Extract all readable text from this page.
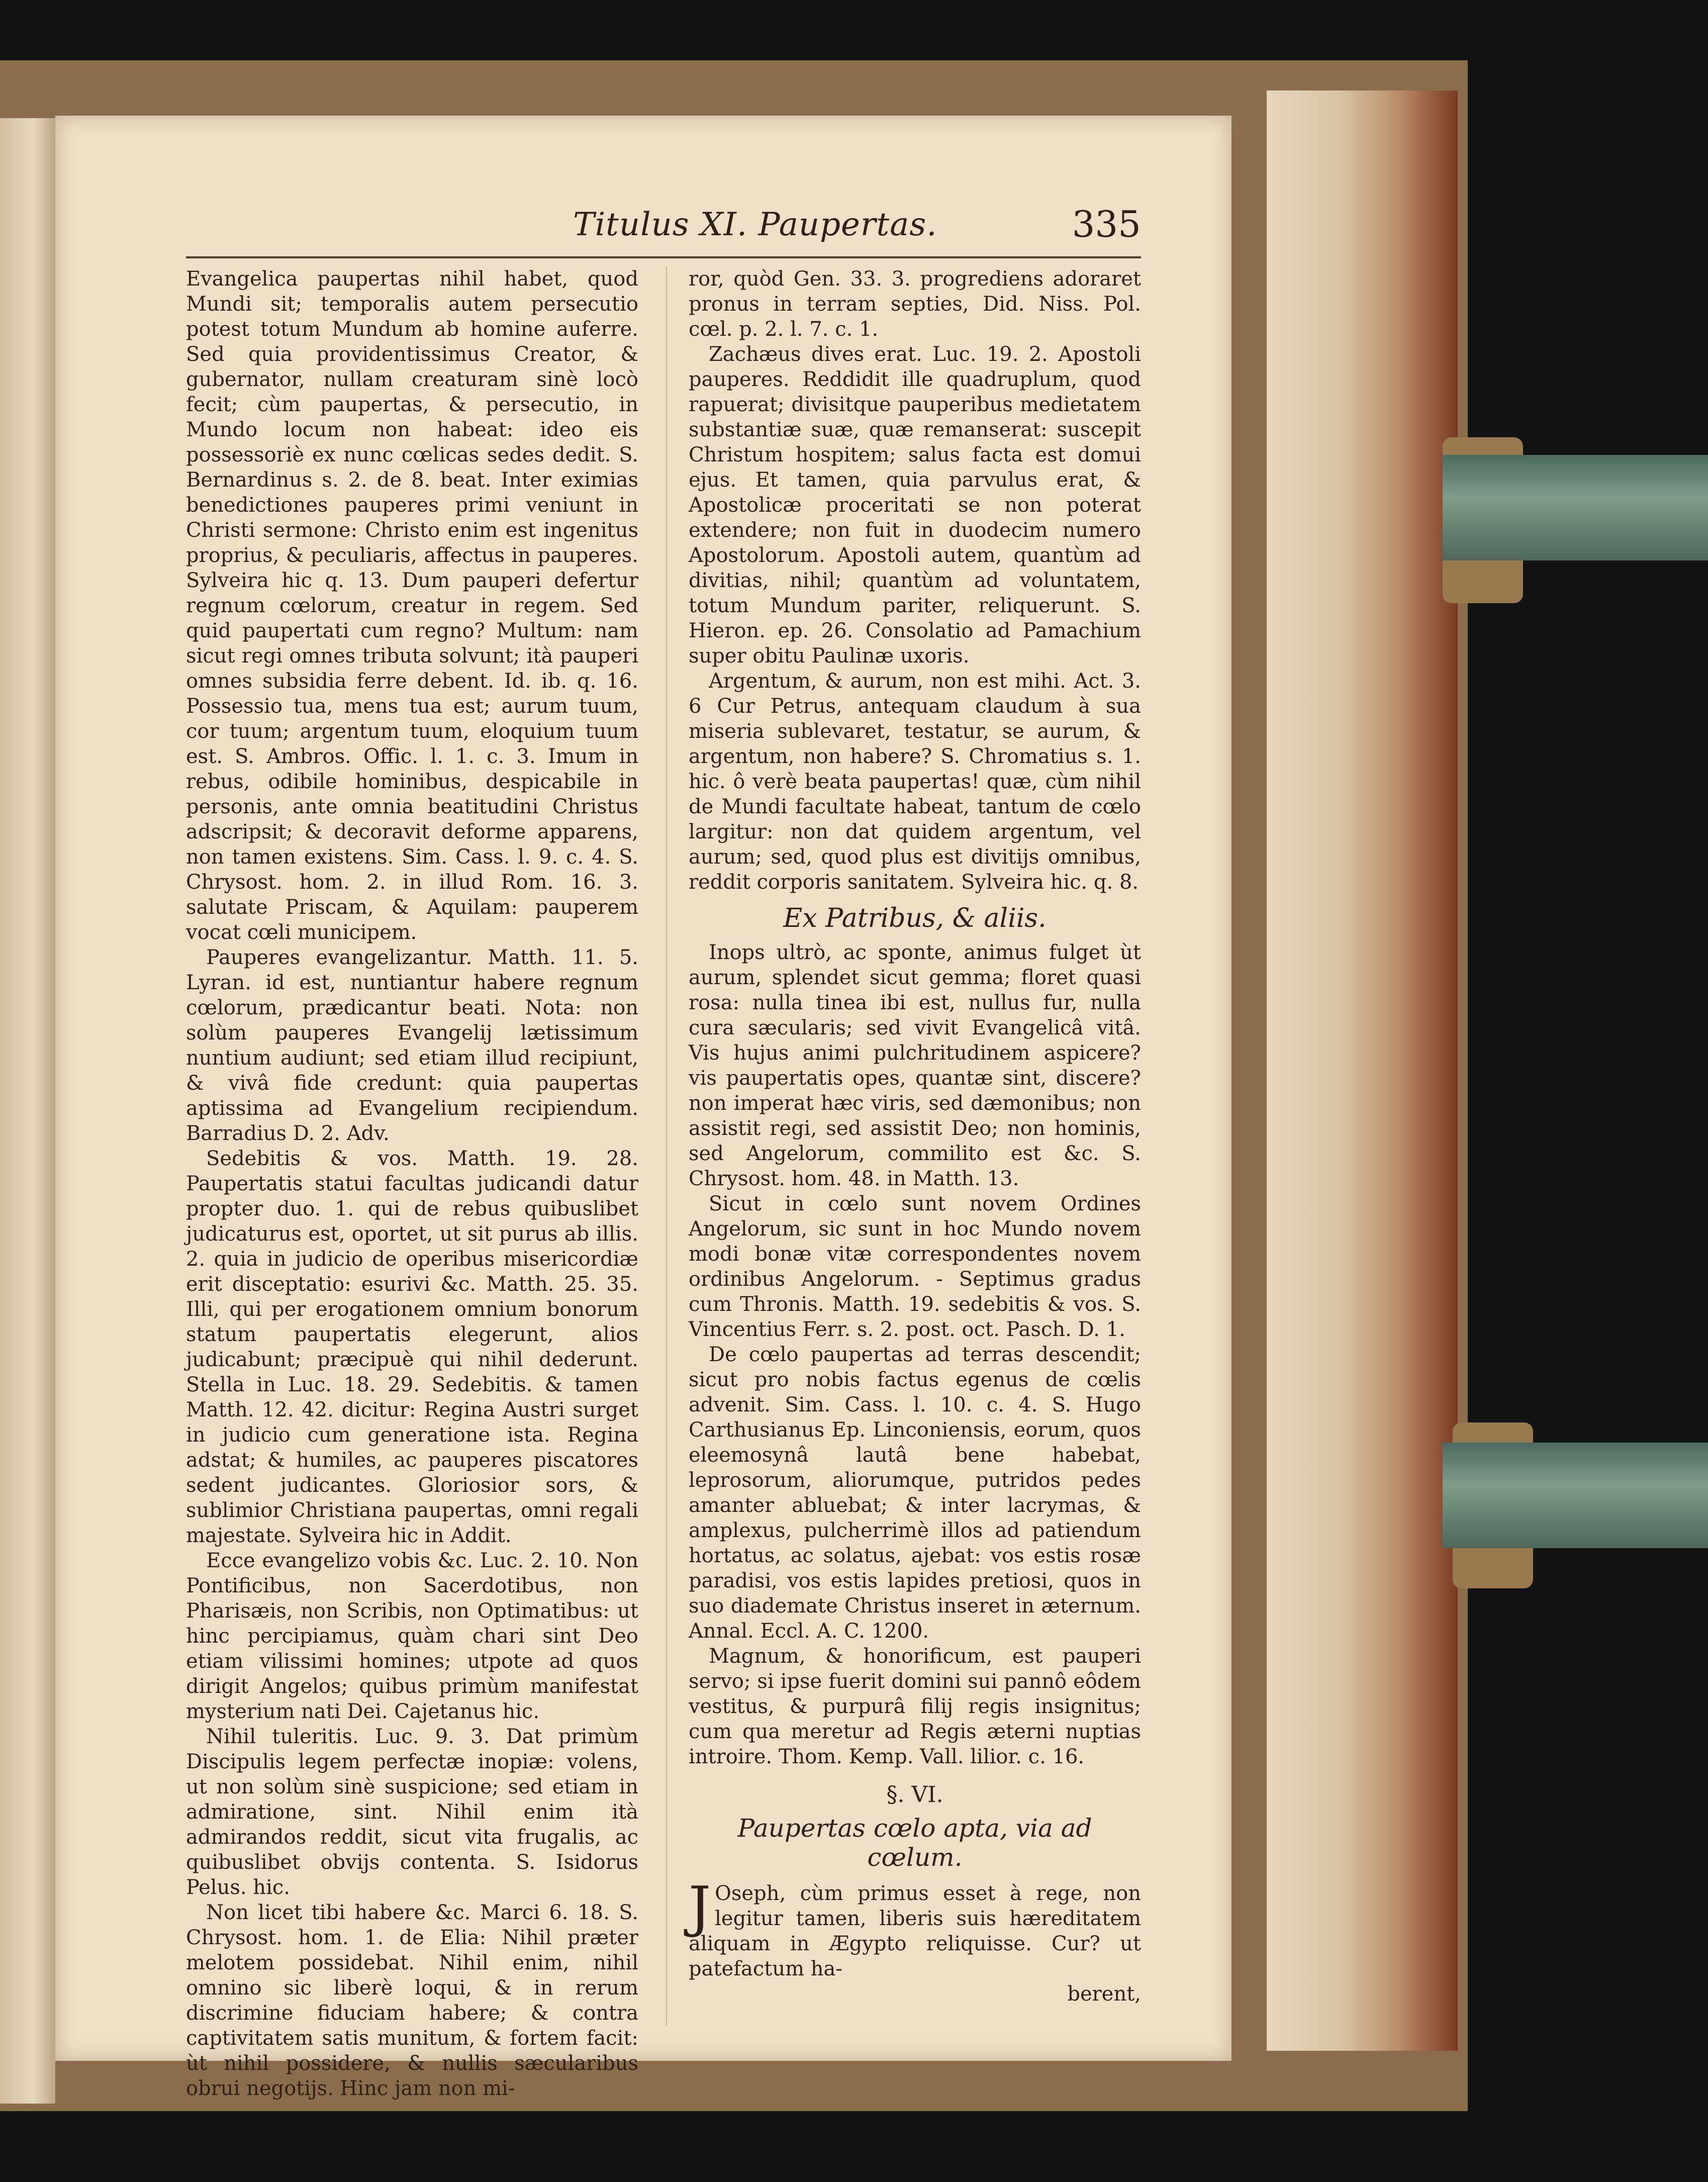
Titulus XI. Paupertas.	335

Evangelica paupertas nihil habet, quod Mundi sit; temporalis autem persecutio potest totum Mundum ab homine auferre. Sed quia providentissimus Creator, & gubernator, nullam creaturam sinè locò fecit; cùm paupertas, & persecutio, in Mundo locum non habeat: ideo eis possessoriè ex nunc cœlicas sedes dedit. S. Bernardinus s. 2. de 8. beat. Inter eximias benedictiones pauperes primi veniunt in Christi sermone: Christo enim est ingenitus proprius, & peculiaris, affectus in pauperes. Sylveira hic q. 13. Dum pauperi defertur regnum cœlorum, creatur in regem. Sed quid paupertati cum regno? Multum: nam sicut regi omnes tributa solvunt; ità pauperi omnes subsidia ferre debent. Id. ib. q. 16. Possessio tua, mens tua est; aurum tuum, cor tuum; argentum tuum, eloquium tuum est. S. Ambros. Offic. l. 1. c. 3. Imum in rebus, odibile hominibus, despicabile in personis, ante omnia beatitudini Christus adscripsit; & decoravit deforme apparens, non tamen existens. Sim. Cass. l. 9. c. 4. S. Chrysost. hom. 2. in illud Rom. 16. 3. salutate Priscam, & Aquilam: pauperem vocat cœli municipem.

Pauperes evangelizantur. Matth. 11. 5. Lyran. id est, nuntiantur habere regnum cœlorum, prædicantur beati. Nota: non solùm pauperes Evangelij lætissimum nuntium audiunt; sed etiam illud recipiunt, & vivâ fide credunt: quia paupertas aptissima ad Evangelium recipiendum. Barradius D. 2. Adv.

Sedebitis & vos. Matth. 19. 28. Paupertatis statui facultas judicandi datur propter duo. 1. qui de rebus quibuslibet judicaturus est, oportet, ut sit purus ab illis. 2. quia in judicio de operibus misericordiæ erit disceptatio: esurivi &c. Matth. 25. 35. Illi, qui per erogationem omnium bonorum statum paupertatis elegerunt, alios judicabunt; præcipuè qui nihil dederunt. Stella in Luc. 18. 29. Sedebitis. & tamen Matth. 12. 42. dicitur: Regina Austri surget in judicio cum generatione ista. Regina adstat; & humiles, ac pauperes piscatores sedent judicantes. Gloriosior sors, & sublimior Christiana paupertas, omni regali majestate. Sylveira hic in Addit.

Ecce evangelizo vobis &c. Luc. 2. 10. Non Pontificibus, non Sacerdotibus, non Pharisæis, non Scribis, non Optimatibus: ut hinc percipiamus, quàm chari sint Deo etiam vilissimi homines; utpote ad quos dirigit Angelos; quibus primùm manifestat mysterium nati Dei. Cajetanus hic.

Nihil tuleritis. Luc. 9. 3. Dat primùm Discipulis legem perfectæ inopiæ: volens, ut non solùm sinè suspicione; sed etiam in admiratione, sint. Nihil enim ità admirandos reddit, sicut vita frugalis, ac quibuslibet obvijs contenta. S. Isidorus Pelus. hic.

Non licet tibi habere &c. Marci 6. 18. S. Chrysost. hom. 1. de Elia: Nihil præter melotem possidebat. Nihil enim, nihil omnino sic liberè loqui, & in rerum discrimine fiduciam habere; & contra captivitatem satis munitum, & fortem facit: ùt nihil possidere, & nullis sæcularibus obrui negotijs. Hinc jam non mi-

ror, quòd Gen. 33. 3. progrediens adoraret pronus in terram septies, Did. Niss. Pol. cœl. p. 2. l. 7. c. 1.

Zachæus dives erat. Luc. 19. 2. Apostoli pauperes. Reddidit ille quadruplum, quod rapuerat; divisitque pauperibus medietatem substantiæ suæ, quæ remanserat: suscepit Christum hospitem; salus facta est domui ejus. Et tamen, quia parvulus erat, & Apostolicæ proceritati se non poterat extendere; non fuit in duodecim numero Apostolorum. Apostoli autem, quantùm ad divitias, nihil; quantùm ad voluntatem, totum Mundum pariter, reliquerunt. S. Hieron. ep. 26. Consolatio ad Pamachium super obitu Paulinæ uxoris.

Argentum, & aurum, non est mihi. Act. 3. 6 Cur Petrus, antequam claudum à sua miseria sublevaret, testatur, se aurum, & argentum, non habere? S. Chromatius s. 1. hic. ô verè beata paupertas! quæ, cùm nihil de Mundi facultate habeat, tantum de cœlo largitur: non dat quidem argentum, vel aurum; sed, quod plus est divitijs omnibus, reddit corporis sanitatem. Sylveira hic. q. 8.

Ex Patribus, & aliis.

Inops ultrò, ac sponte, animus fulget ùt aurum, splendet sicut gemma; floret quasi rosa: nulla tinea ibi est, nullus fur, nulla cura sæcularis; sed vivit Evangelicâ vitâ. Vis hujus animi pulchritudinem aspicere? vis paupertatis opes, quantæ sint, discere? non imperat hæc viris, sed dæmonibus; non assistit regi, sed assistit Deo; non hominis, sed Angelorum, commilito est &c. S. Chrysost. hom. 48. in Matth. 13.

Sicut in cœlo sunt novem Ordines Angelorum, sic sunt in hoc Mundo novem modi bonæ vitæ correspondentes novem ordinibus Angelorum. - Septimus gradus cum Thronis. Matth. 19. sedebitis & vos. S. Vincentius Ferr. s. 2. post. oct. Pasch. D. 1.

De cœlo paupertas ad terras descendit; sicut pro nobis factus egenus de cœlis advenit. Sim. Cass. l. 10. c. 4. S. Hugo Carthusianus Ep. Linconiensis, eorum, quos eleemosynâ lautâ bene habebat, leprosorum, aliorumque, putridos pedes amanter abluebat; & inter lacrymas, & amplexus, pulcherrimè illos ad patiendum hortatus, ac solatus, ajebat: vos estis rosæ paradisi, vos estis lapides pretiosi, quos in suo diademate Christus inseret in æternum. Annal. Eccl. A. C. 1200.

Magnum, & honorificum, est pauperi servo; si ipse fuerit domini sui pannô eôdem vestitus, & purpurâ filij regis insignitus; cum qua meretur ad Regis æterni nuptias introire. Thom. Kemp. Vall. lilior. c. 16.

§. VI.
Paupertas cœlo apta, via ad cœlum.

J Oseph, cùm primus esset à rege, non legitur tamen, liberis suis hæreditatem aliquam in Ægypto reliquisse. Cur? ut patefactum ha-

berent,
